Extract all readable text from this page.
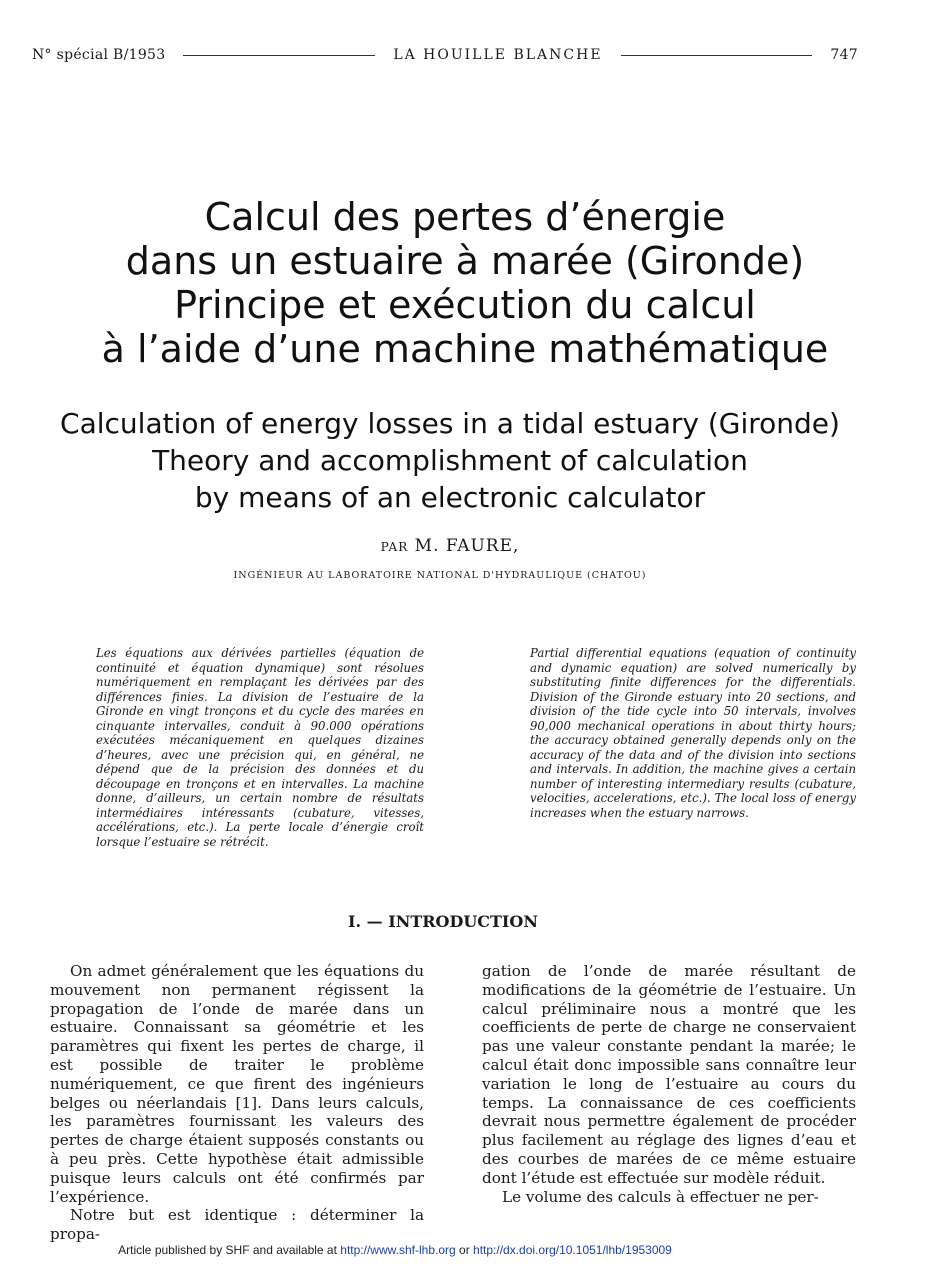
N° spécial B/1953	LA HOUILLE BLANCHE	747
Calcul des pertes d’énergie
dans un estuaire à marée (Gironde)
Principe et exécution du calcul
à l’aide d’une machine mathématique
Calculation of energy losses in a tidal estuary (Gironde)
Theory and accomplishment of calculation
by means of an electronic calculator
PAR M. FAURE,
INGÉNIEUR AU LABORATOIRE NATIONAL D'HYDRAULIQUE (CHATOU)
Les équations aux dérivées partielles (équation de continuité et équation dynamique) sont résolues numériquement en remplaçant les dérivées par des différences finies. La division de l’estuaire de la Gironde en vingt tronçons et du cycle des marées en cinquante intervalles, conduit à 90.000 opérations exécutées mécaniquement en quelques dizaines d’heures, avec une précision qui, en général, ne dépend que de la précision des données et du découpage en tronçons et en intervalles. La machine donne, d’ailleurs, un certain nombre de résultats intermédiaires intéressants (cubature, vitesses, accélérations, etc.). La perte locale d’énergie croît lorsque l’estuaire se rétrécit.
Partial differential equations (equation of continuity and dynamic equation) are solved numerically by substituting finite differences for the differentials. Division of the Gironde estuary into 20 sections, and division of the tide cycle into 50 intervals, involves 90,000 mechanical operations in about thirty hours; the accuracy obtained generally depends only on the accuracy of the data and of the division into sections and intervals. In addition, the machine gives a certain number of interesting intermediary results (cubature, velocities, accelerations, etc.). The local loss of energy increases when the estuary narrows.
I. — INTRODUCTION

On admet généralement que les équations du mouvement non permanent régissent la propagation de l’onde de marée dans un estuaire. Connaissant sa géométrie et les paramètres qui fixent les pertes de charge, il est possible de traiter le problème numériquement, ce que firent des ingénieurs belges ou néerlandais [1]. Dans leurs calculs, les paramètres fournissant les valeurs des pertes de charge étaient supposés constants ou à peu près. Cette hypothèse était admissible puisque leurs calculs ont été confirmés par l’expérience.

Notre but est identique : déterminer la propa-

gation de l’onde de marée résultant de modifications de la géométrie de l’estuaire. Un calcul préliminaire nous a montré que les coefficients de perte de charge ne conservaient pas une valeur constante pendant la marée; le calcul était donc impossible sans connaître leur variation le long de l’estuaire au cours du temps. La connaissance de ces coefficients devrait nous permettre également de procéder plus facilement au réglage des lignes d’eau et des courbes de marées de ce même estuaire dont l’étude est effectuée sur modèle réduit.

Le volume des calculs à effectuer ne per-

Article published by SHF and available at http://www.shf-lhb.org or http://dx.doi.org/10.1051/lhb/1953009
